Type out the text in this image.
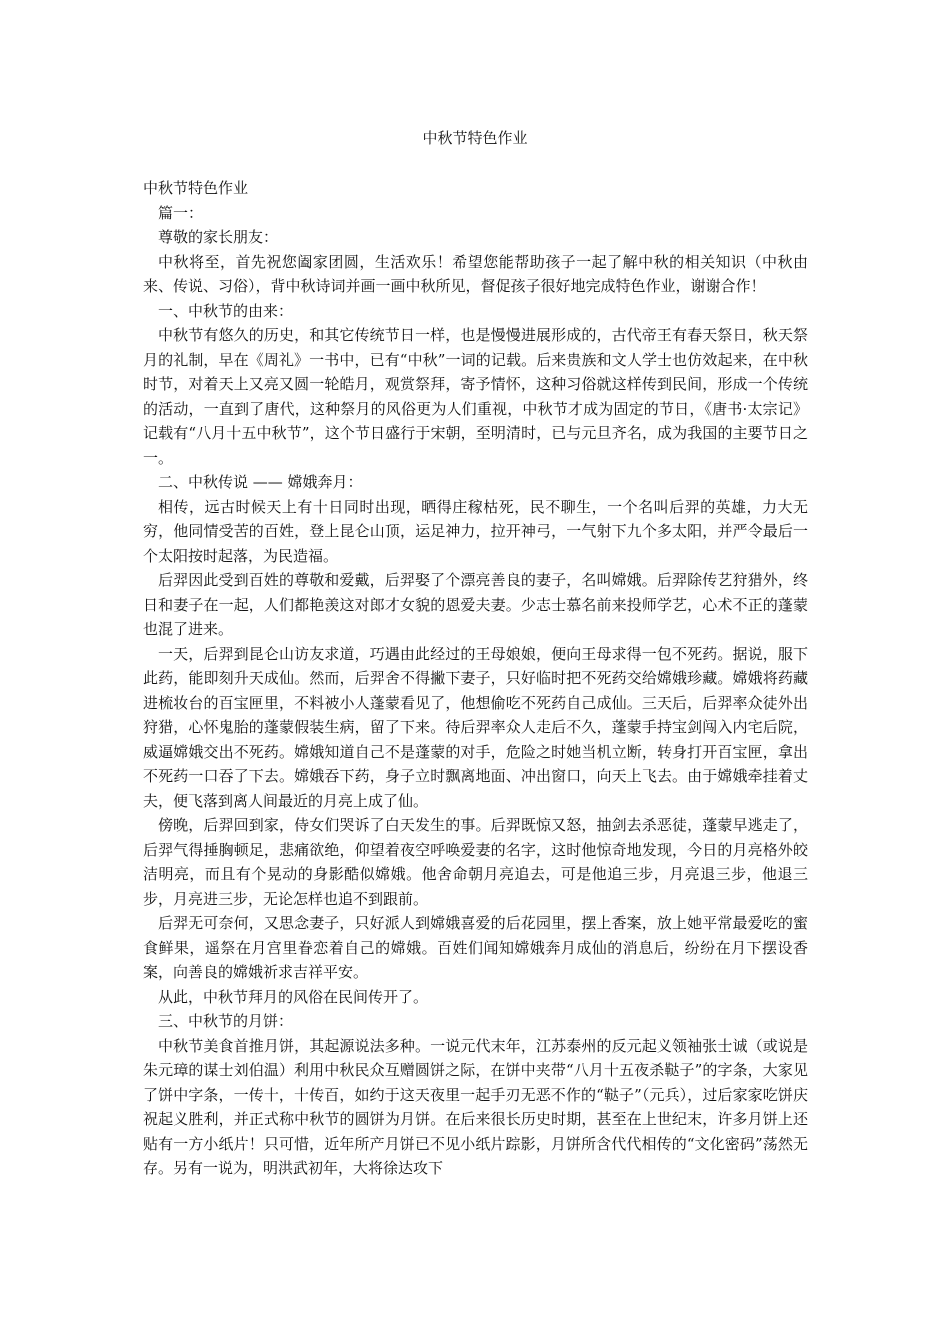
中秋节特色作业

中秋节特色作业

篇一：

尊敬的家长朋友：

中秋将至，首先祝您阖家团圆，生活欢乐！希望您能帮助孩子一起了解中秋的相关知识（中秋由来、传说、习俗），背中秋诗词并画一画中秋所见，督促孩子很好地完成特色作业，谢谢合作！

一、中秋节的由来：

中秋节有悠久的历史，和其它传统节日一样，也是慢慢进展形成的，古代帝王有春天祭日，秋天祭月的礼制，早在《周礼》一书中，已有“中秋”一词的记载。后来贵族和文人学士也仿效起来，在中秋时节，对着天上又亮又圆一轮皓月，观赏祭拜，寄予情怀，这种习俗就这样传到民间，形成一个传统的活动，一直到了唐代，这种祭月的风俗更为人们重视，中秋节才成为固定的节日，《唐书·太宗记》记载有“八月十五中秋节”，这个节日盛行于宋朝，至明清时，已与元旦齐名，成为我国的主要节日之一。

二、中秋传说 —— 嫦娥奔月：

相传，远古时候天上有十日同时出现，晒得庄稼枯死，民不聊生，一个名叫后羿的英雄，力大无穷，他同情受苦的百姓，登上昆仑山顶，运足神力，拉开神弓，一气射下九个多太阳，并严令最后一个太阳按时起落，为民造福。

后羿因此受到百姓的尊敬和爱戴，后羿娶了个漂亮善良的妻子，名叫嫦娥。后羿除传艺狩猎外，终日和妻子在一起，人们都艳羡这对郎才女貌的恩爱夫妻。少志士慕名前来投师学艺，心术不正的蓬蒙也混了进来。

一天，后羿到昆仑山访友求道，巧遇由此经过的王母娘娘，便向王母求得一包不死药。据说，服下此药，能即刻升天成仙。然而，后羿舍不得撇下妻子，只好临时把不死药交给嫦娥珍藏。嫦娥将药藏进梳妆台的百宝匣里，不料被小人蓬蒙看见了，他想偷吃不死药自己成仙。三天后，后羿率众徒外出狩猎，心怀鬼胎的蓬蒙假装生病，留了下来。待后羿率众人走后不久，蓬蒙手持宝剑闯入内宅后院，威逼嫦娥交出不死药。嫦娥知道自己不是蓬蒙的对手，危险之时她当机立断，转身打开百宝匣，拿出不死药一口吞了下去。嫦娥吞下药，身子立时飘离地面、冲出窗口，向天上飞去。由于嫦娥牵挂着丈夫，便飞落到离人间最近的月亮上成了仙。

傍晚，后羿回到家，侍女们哭诉了白天发生的事。后羿既惊又怒，抽剑去杀恶徒，蓬蒙早逃走了，后羿气得捶胸顿足，悲痛欲绝，仰望着夜空呼唤爱妻的名字，这时他惊奇地发现，今日的月亮格外皎洁明亮，而且有个晃动的身影酷似嫦娥。他舍命朝月亮追去，可是他追三步，月亮退三步，他退三步，月亮进三步，无论怎样也追不到跟前。

后羿无可奈何，又思念妻子，只好派人到嫦娥喜爱的后花园里，摆上香案，放上她平常最爱吃的蜜食鲜果，遥祭在月宫里眷恋着自己的嫦娥。百姓们闻知嫦娥奔月成仙的消息后，纷纷在月下摆设香案，向善良的嫦娥祈求吉祥平安。

从此，中秋节拜月的风俗在民间传开了。

三、中秋节的月饼：

中秋节美食首推月饼，其起源说法多种。一说元代末年，江苏泰州的反元起义领袖张士诚（或说是朱元璋的谋士刘伯温）利用中秋民众互赠圆饼之际，在饼中夹带“八月十五夜杀鞑子”的字条，大家见了饼中字条，一传十，十传百，如约于这天夜里一起手刃无恶不作的“鞑子”（元兵），过后家家吃饼庆祝起义胜利，并正式称中秋节的圆饼为月饼。在后来很长历史时期，甚至在上世纪末，许多月饼上还贴有一方小纸片！只可惜，近年所产月饼已不见小纸片踪影，月饼所含代代相传的“文化密码”荡然无存。另有一说为，明洪武初年，大将徐达攻下
